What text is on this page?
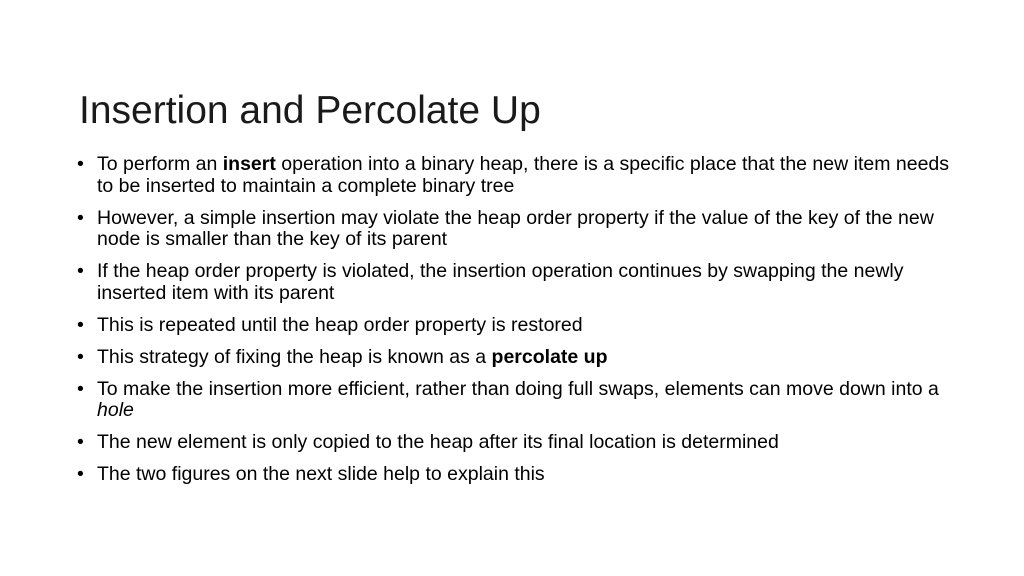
Insertion and Percolate Up
• To perform an insert operation into a binary heap, there is a specific place that the new item needs to be inserted to maintain a complete binary tree
• However, a simple insertion may violate the heap order property if the value of the key of the new node is smaller than the key of its parent
• If the heap order property is violated, the insertion operation continues by swapping the newly inserted item with its parent
• This is repeated until the heap order property is restored
• This strategy of fixing the heap is known as a percolate up
• To make the insertion more efficient, rather than doing full swaps, elements can move down into a hole
• The new element is only copied to the heap after its final location is determined
• The two figures on the next slide help to explain this
